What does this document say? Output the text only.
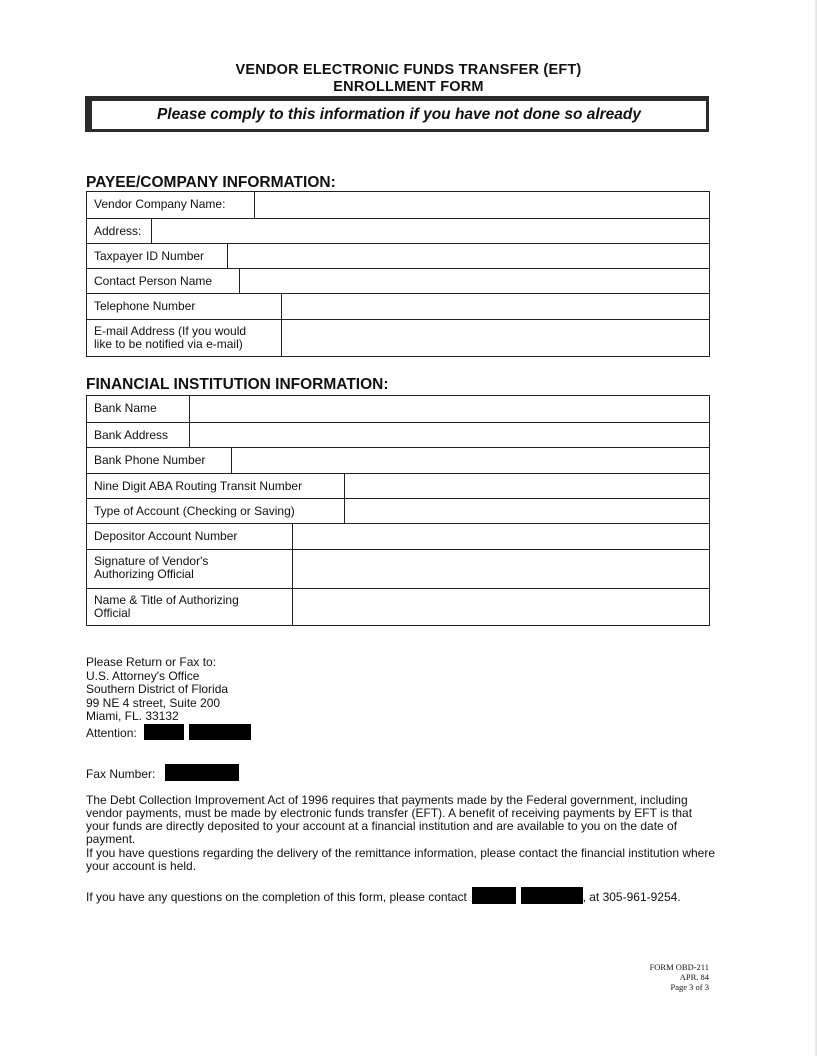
VENDOR ELECTRONIC FUNDS TRANSFER (EFT)
ENROLLMENT FORM
Please comply to this information if you have not done so already
PAYEE/COMPANY INFORMATION:
Vendor Company Name:
Address:
Taxpayer ID Number
Contact Person Name
Telephone Number
E-mail Address (If you would like to be notified via e-mail)
FINANCIAL INSTITUTION INFORMATION:
Bank Name
Bank Address
Bank Phone Number
Nine Digit ABA Routing Transit Number
Type of Account (Checking or Saving)
Depositor Account Number
Signature of Vendor's Authorizing Official
Name & Title of Authorizing Official
Please Return or Fax to:
U.S. Attorney's Office
Southern District of Florida
99 NE 4 street, Suite 200
Miami, FL. 33132
Attention:
Fax Number:
The Debt Collection Improvement Act of 1996 requires that payments made by the Federal government, including vendor payments, must be made by electronic funds transfer (EFT). A benefit of receiving payments by EFT is that your funds are directly deposited to your account at a financial institution and are available to you on the date of payment.
If you have questions regarding the delivery of the remittance information, please contact the financial institution where your account is held.
If you have any questions on the completion of this form, please contact	, at 305-961-9254.
FORM OBD-211
APR. 84
Page 3 of 3
